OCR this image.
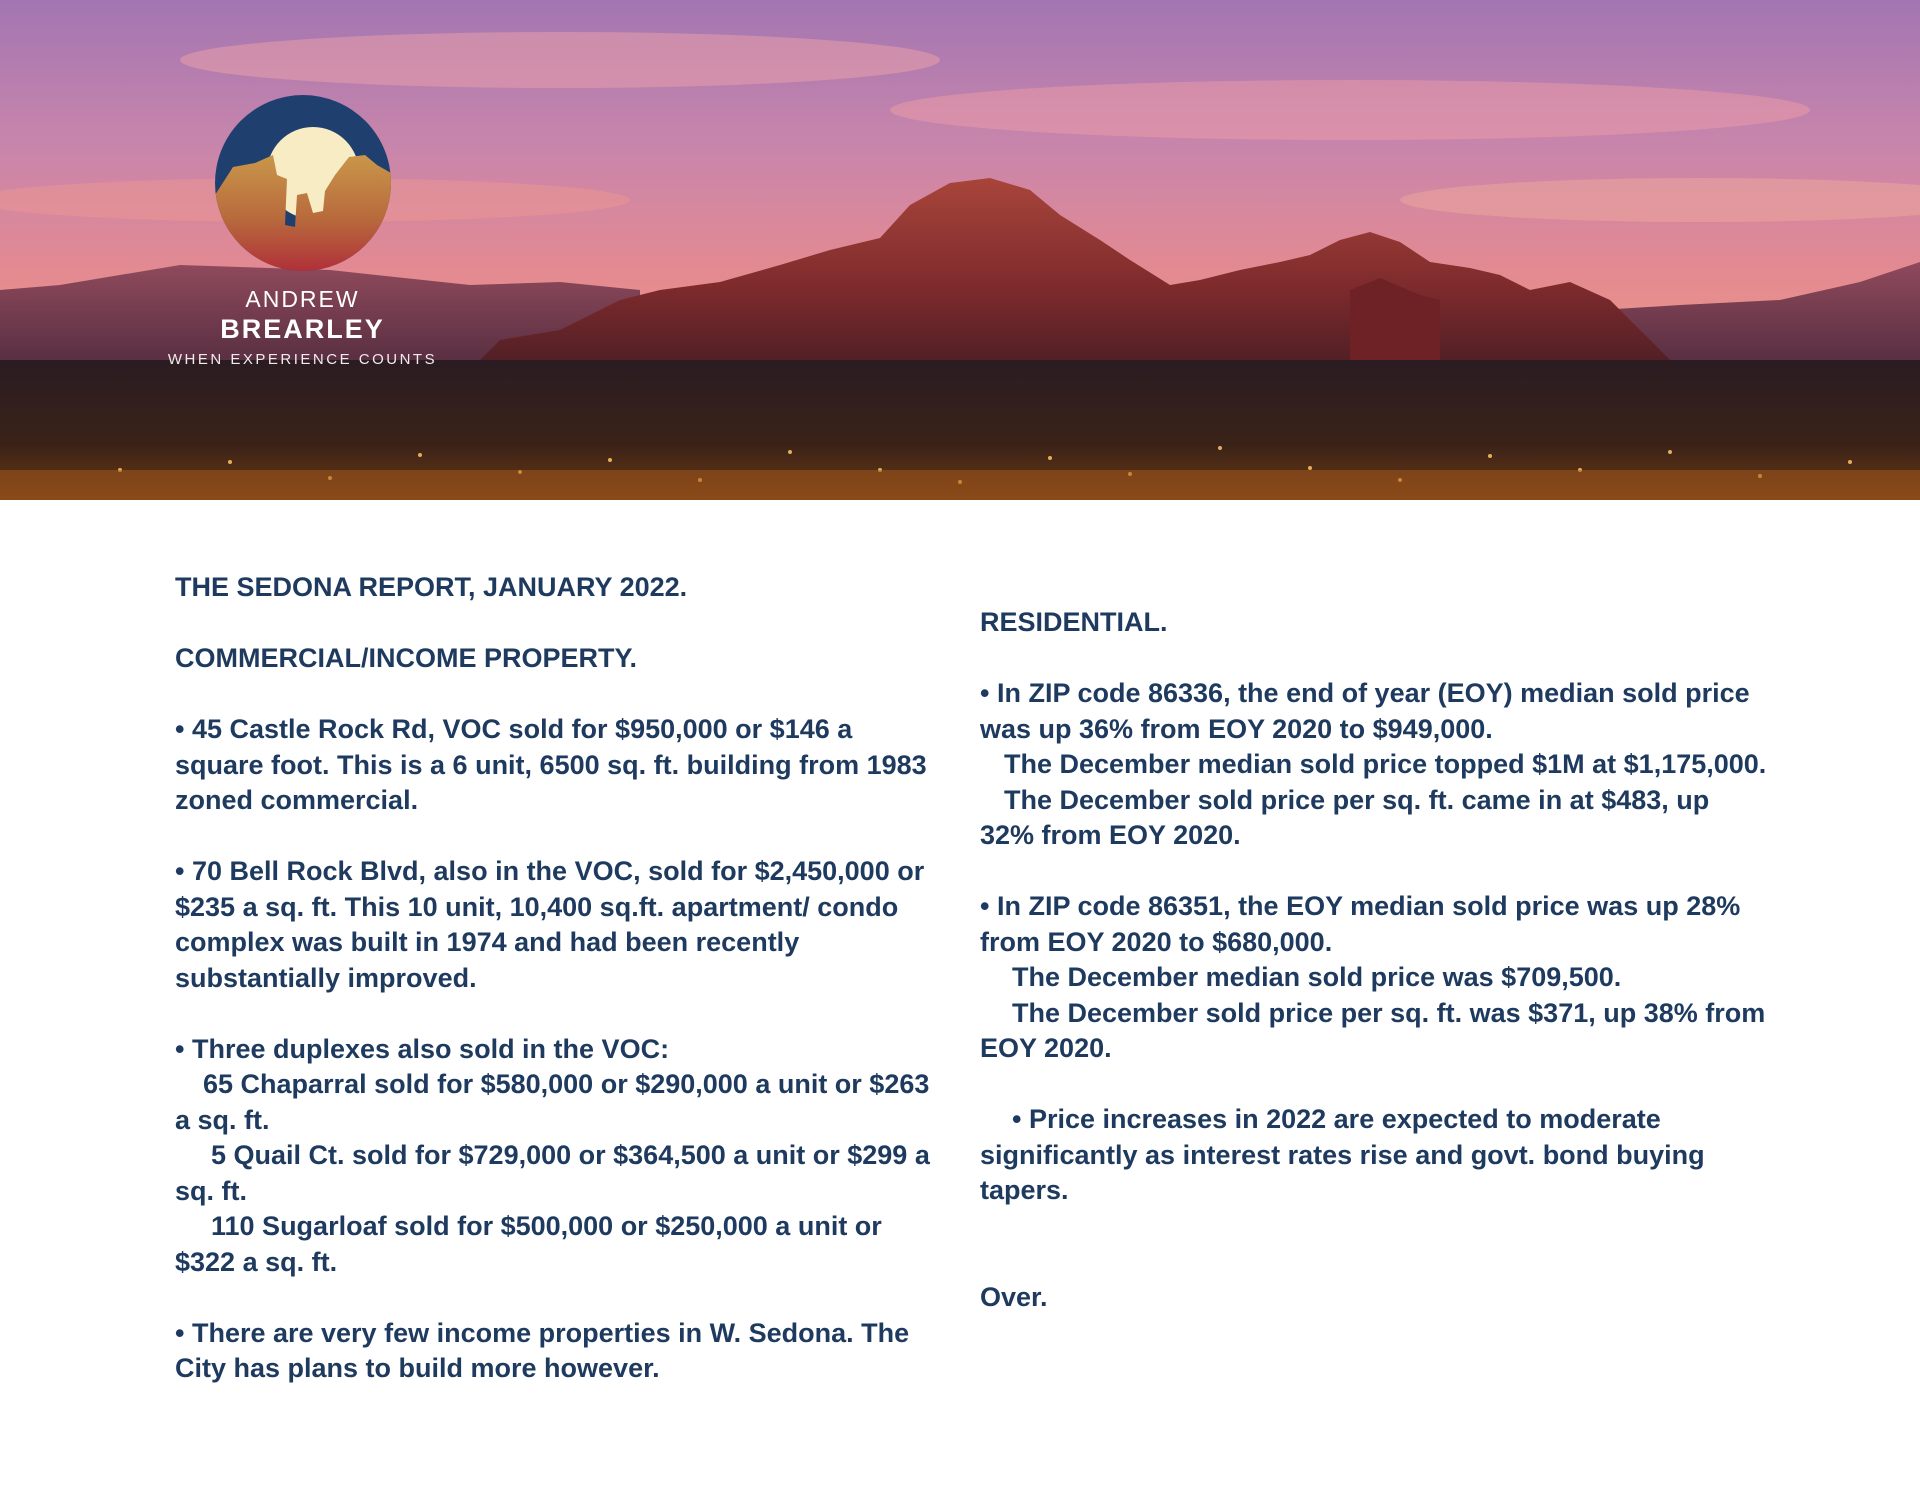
ANDREW
BREARLEY
WHEN EXPERIENCE COUNTS

THE SEDONA REPORT, JANUARY 2022.

COMMERCIAL/INCOME PROPERTY.

• 45 Castle Rock Rd, VOC sold for $950,000 or $146 a square foot. This is a 6 unit, 6500 sq. ft. building from 1983 zoned commercial.

• 70 Bell Rock Blvd, also in the VOC, sold for $2,450,000 or $235 a sq. ft. This 10 unit, 10,400 sq.ft. apartment/ condo complex was built in 1974 and had been recently substantially improved.

• Three duplexes also sold in the VOC:

65 Chaparral sold for $580,000 or $290,000 a unit or $263 a sq. ft.

5 Quail Ct. sold for $729,000 or $364,500 a unit or $299 a sq. ft.

110 Sugarloaf sold for $500,000 or $250,000 a unit or $322 a sq. ft.

• There are very few income properties in W. Sedona. The City has plans to build more however.

RESIDENTIAL.

• In ZIP code 86336, the end of year (EOY) median sold price was up 36% from EOY 2020 to $949,000.

The December median sold price topped $1M at $1,175,000.

The December sold price per sq. ft. came in at $483, up 32% from EOY 2020.

• In ZIP code 86351, the EOY median sold price was up 28% from EOY 2020 to $680,000.

The December median sold price was $709,500.

The December sold price per sq. ft. was $371, up 38% from EOY 2020.

• Price increases in 2022 are expected to moderate significantly as interest rates rise and govt. bond buying tapers.

Over.
